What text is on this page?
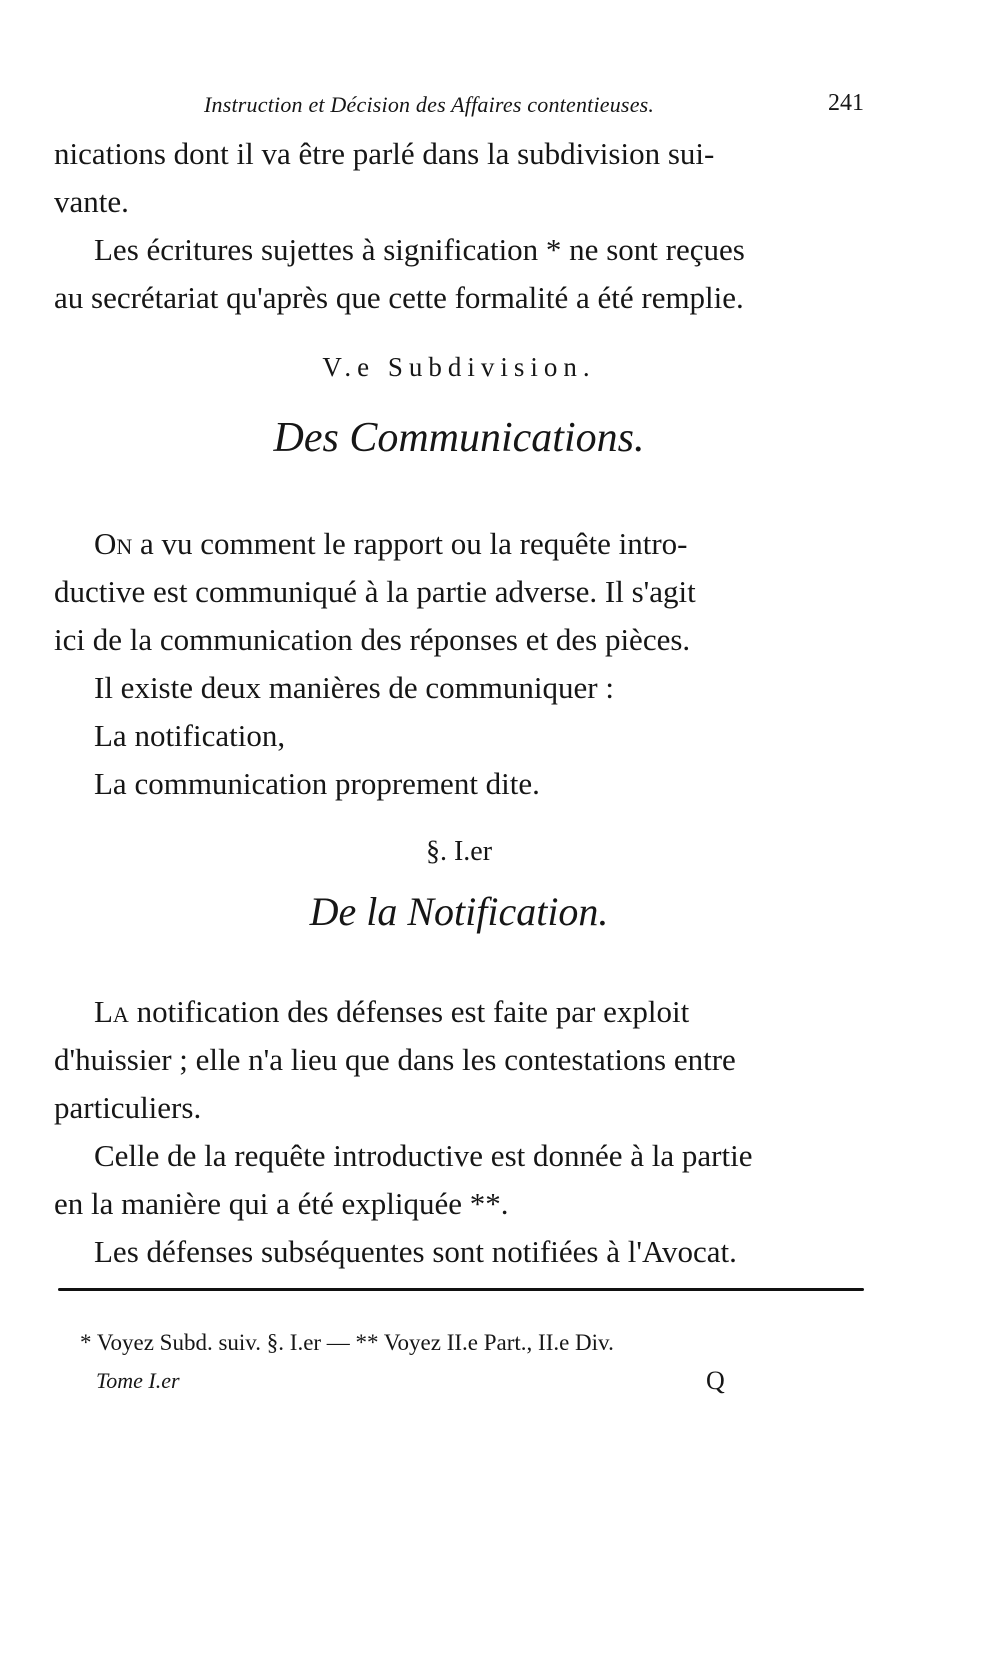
Instruction et Décision des Affaires contentieuses.	241

nications dont il va être parlé dans la subdivision sui-

vante.

Les écritures sujettes à signification * ne sont reçues

au secrétariat qu'après que cette formalité a été remplie.

V.e Subdivision.

Des Communications.

On a vu comment le rapport ou la requête intro-

ductive est communiqué à la partie adverse. Il s'agit

ici de la communication des réponses et des pièces.

Il existe deux manières de communiquer :

La notification,

La communication proprement dite.

§. I.er

De la Notification.

La notification des défenses est faite par exploit

d'huissier ; elle n'a lieu que dans les contestations entre

particuliers.

Celle de la requête introductive est donnée à la partie

en la manière qui a été expliquée **.

Les défenses subséquentes sont notifiées à l'Avocat.

* Voyez Subd. suiv. §. I.er — ** Voyez II.e Part., II.e Div.
Tome I.er	Q
